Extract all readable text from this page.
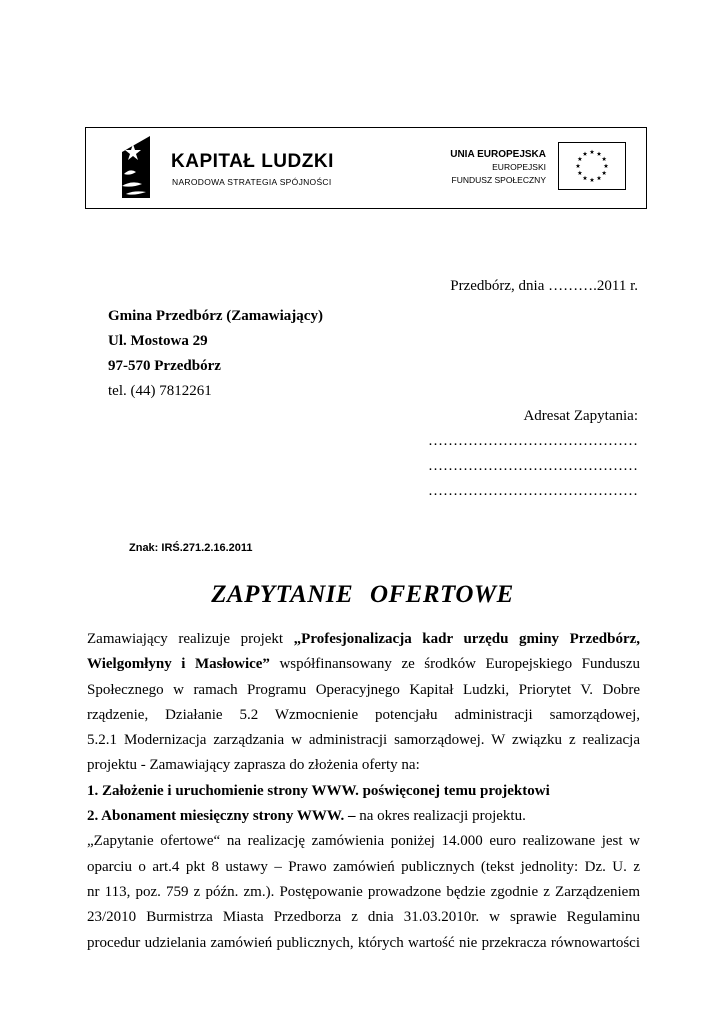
KAPITAŁ LUDZKI
NARODOWA STRATEGIA SPÓJNOŚCI
UNIA EUROPEJSKA
EUROPEJSKI
FUNDUSZ SPOŁECZNY
Przedbórz, dnia ……….2011 r.
Gmina Przedbórz (Zamawiający)
Ul. Mostowa 29
97-570 Przedbórz
tel. (44) 7812261
Adresat Zapytania:
……………………………………
……………………………………
……………………………………
Znak: IRŚ.271.2.16.2011
ZAPYTANIE OFERTOWE
Zamawiający realizuje projekt „Profesjonalizacja kadr urzędu gminy Przedbórz,
Wielgomłyny i Masłowice” współfinansowany ze środków Europejskiego Funduszu
Społecznego w ramach Programu Operacyjnego Kapitał Ludzki, Priorytet V. Dobre
rządzenie, Działanie 5.2 Wzmocnienie potencjału administracji samorządowej,
5.2.1 Modernizacja zarządzania w administracji samorządowej. W związku z realizacja
projektu - Zamawiający zaprasza do złożenia oferty na:
1. Założenie i uruchomienie strony WWW. poświęconej temu projektowi
2. Abonament miesięczny strony WWW. – na okres realizacji projektu.
„Zapytanie ofertowe“ na realizację zamówienia poniżej 14.000 euro realizowane jest w
oparciu o art.4 pkt 8 ustawy – Prawo zamówień publicznych (tekst jednolity: Dz. U. z
nr 113, poz. 759 z późn. zm.). Postępowanie prowadzone będzie zgodnie z Zarządzeniem
23/2010 Burmistrza Miasta Przedborza z dnia 31.03.2010r. w sprawie Regulaminu
procedur udzielania zamówień publicznych, których wartość nie przekracza równowartości
